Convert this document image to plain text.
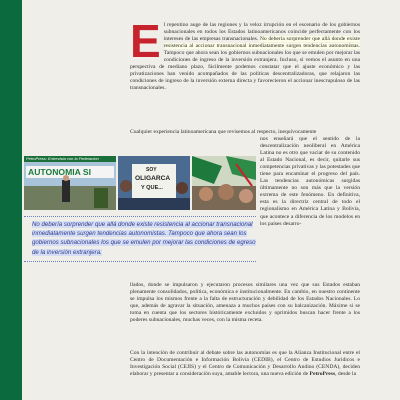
El repentino auge de las regiones y la veloz irrupción en el escenario de los gobiernos subnacionales en todos los Estados latinoamericanos coincide perfectamente con los intereses de las empresas transnacionales. No debería sorprender que allá donde existe resistencia al accionar transnacional inmediatamente surgen tendencias autonomistas. Tampoco que ahora sean los gobiernos subnacionales los que se emulen por mejorar las condiciones de ingreso de la inversión extranjera. Incluso, si vemos el asunto en una perspectiva de mediano plazo, fácilmente podemos constatar que el ajuste económico y las privatizaciones han venido acompañados de las políticas descentralizadoras, que relajaron las condiciones de ingreso de la inversión externa directa y favorecieron el accionar inescrupuloso de las transnacionales.

Cualquier experiencia latinoamericana que revisemos al respecto, inequívocamente

PetroPress: Entrevista con la Federacion
AUTONOMIA SI	SOY
OLIGARCA
Y QUE...

nos enseñará que el sentido de la descentralización neoliberal en América Latina no es otro que vaciar de su contenido al Estado Nacional, es decir, quitarle sus competencias privativas y las potestades que tiene para encaminar el progreso del país. Las tendencias autonómicas surgidas últimamente no son más que la versión extrema de este fenómeno. En definitiva, esta es la directriz central de todo el regionalismo en América Latina y Bolivia, que acontece a diferencia de los modelos en los países desarro-

No debería sorprender que allá donde existe resistencia al accionar transnacional inmediatamente surgen tendencias autonomistas. Tampoco que ahora sean los gobiernos subnacionales los que se emulen por mejorar las condiciones de egreso de la inversión extranjera.

llados, donde se impulsaron y ejecutaron procesos similares una vez que sus Estados estaban plenamente consolidados, política, económica e institucionalmente. En cambio, en nuestro continente se impulsa los mismos frente a la falta de estructuración y debilidad de los Estados Nacionales. Lo que, además de agravar la situación, amenaza a muchos países con su balcanización. Máxime si se toma en cuenta que los sectores históricamente excluidos y oprimidos buscan hacer frente a los poderes subnacionales, muchas veces, con la misma receta.

Con la intención de contribuir al debate sobre las autonomías es que la Alianza Institucional entre el Centro de Documentación e Información Bolivia (CEDIB), el Centro de Estudios Jurídicos e Investigación Social (CEJIS) y el Centro de Comunicación y Desarrollo Andino (CENDA), deciden elaborar y presentar a consideración suya, amable lectora, una nueva edición de PetroPress, desde la
